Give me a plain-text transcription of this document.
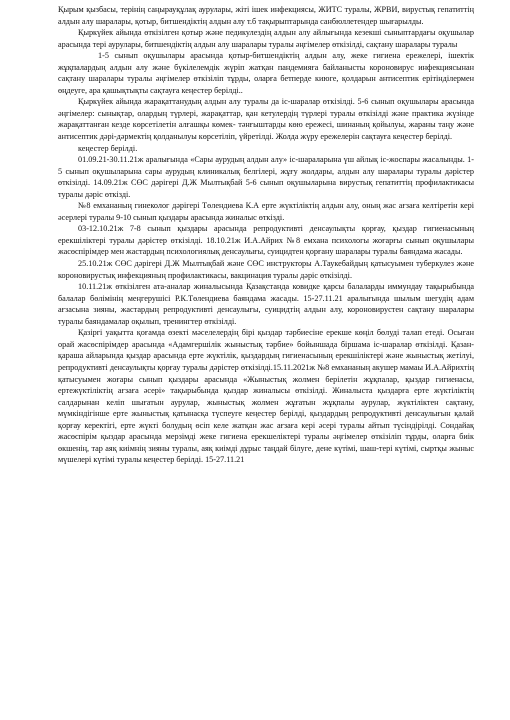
Қырым қызбасы, терінің саңырауқұлақ аурулары, жіті ішек инфекциясы, ЖИТС туралы, ЖРВИ, вирустық гепатиттің алдын алу шаралары, қотыр, битшендіктің алдын алу т.б тақырыптарында санбюллетендер шығарылды.

Қыркүйек айында өткізілген қотыр және педикулездің алдын алу айлығында кезекші сыныптардағы оқушылар арасында тері аурулары, битшендіктің алдын алу шаралары туралы әңгімелер өткізілді, сақтану шаралары туралы

1-5 сынып оқушылары арасында қотыр-битшендіктің алдын алу, жеке гигиена ережелері, ішектік жұқпалардың алдын алу және бүкілелемдік жүріп жатқан пандемияға байланысты короновирус инфекциясынан сақтану шаралары туралы әңгімелер өткізіліп тұрды, оларға бетперде киюге, қолдарын антисептик ерітінділермен өңдеуге, ара қашықтықты сақтауға кеңестер берілді..

Қыркүйек айында жарақаттанудың алдын алу туралы да іс-шаралар өткізілді. 5-6 сынып оқушылары арасында әңгімелер: сынықтар, олардың түрлері, жарақаттар, қан кетулердің түрлері туралы өткізілді және практика жүзінде жарақаттанған кезде көрсетілетін алғашқы көмек- тәнғыштарды көю ережесі, шинаның қойылуы, жараны таңу және антисептик дәрі-дәрмектің қолданылуы көрсетіліп, үйретілді. Жолда жүру ережелерін сақтауға кеңестер берілді.

кеңестер берілді.

01.09.21-30.11.21ж аралығында «Сары аурудың алдын алу» іс-шараларына үш айлық іс-жоспары жасалынды. 1-5 сынып оқушыларына сары аурудың клиникалық белгілері, жұғу жолдары, алдын алу шаралары туралы дәрістер өткізілді. 14.09.21ж СӨС дәрігері Д.Ж Мылтықбай 5-6 сынып оқушыларына вирустық гепатиттің профилактикасы туралы дәріс өткізді.

№8 емхананың гинеколог дәрігері Төлендиева К.А ерте жүктіліктің алдын алу, оның жас ағзаға келтіретін кері әсерлері туралы 9-10 сынып қыздары арасында жиналыс өткізді.

03-12.10.21ж 7-8 сынып қыздары арасында репродуктивті денсаулықты қорғау, қыздар гигиенасының ерекшіліктері туралы дәрістер өткізілді. 18.10.21ж И.А.Айрих №8 емхана психологы жоғарғы сынып оқушылары жасөспірімдер мен жастардың психологиялық денсаулығы, суицидтен қорғану шаралары туралы баяндама жасады.

25.10.21ж СӨС дәрігері Д.Ж Мылтықбай және СӨС инструкторы А.Таукебайдың қатысуымен туберкулез және короновирустық инфекцияның профилактикасы, вакцинация туралы дәріс өткізілді.

10.11.21ж өткізілген ата-аналар жиналысында Қазақстанда ковидке қарсы балаларды иммундау тақырыбында балалар бөлімінің меңгерушісі Р.К.Төлендиева баяндама жасады. 15-27.11.21 аралығында шылым шегудің адам ағзасына зияны, жастардың репродуктивті денсаулығы, суицидтің алдын алу, короновирустен сақтану шаралары туралы баяндамалар оқылып, тренингтер өткізілді.

Қазіргі уақытта қоғамда өзекті мәселелердің бірі қыздар тәрбиесіне ерекше көңіл бөлуді талап етеді. Осыған орай жасөспірімдер арасында «Адамгершілік жыныстық тәрбие» бойыншада біршама іс-шаралар өткізілді. Қазан-қараша айларында қыздар арасында ерте жүктілік, қыздардың гигиенасының ерекшіліктері және жыныстық жетілуі, репродуктивті денсаулықты қорғау туралы дәрістер өткізілді.15.11.2021ж №8 емхананың акушер мамаы И.А.Айрихтің қатысуымен жоғары сынып қыздары арасында «Жыныстық жолмен берілетін жұқпалар, қыздар гигиенасы, ертежүктіліктің ағзаға әсері» тақырыбында қыздар жиналысы өткізілді. Жиналыста қыздарға ерте жүктіліктің салдарынан келіп шығатын аурулар, жыныстық жолмен жұғатын жұқпалы аурулар, жүктіліктен сақтану, мүмкіндігінше ерте жыныстық қатынасқа түспеуге кеңестер берілді, қыздардың репродуктивті денсаулығын қалай қорғау керектігі, ерте жүкті болудың өсіп келе жатқан жас ағзаға кері әсері туралы айтып түсіндірілді. Сондайақ жасөспірім қыздар арасында мерзімді жеке гигиена ерекшеліктері туралы әңгімелер өткізіліп тұрды, оларға биік өкшенің, тар аяқ киімнің зияны туралы, аяқ киімді дұрыс таңдай білуге, дене күтімі, шаш-тері күтімі, сыртқы жыныс мүшелері күтімі туралы кеңестер берілді. 15-27.11.21
